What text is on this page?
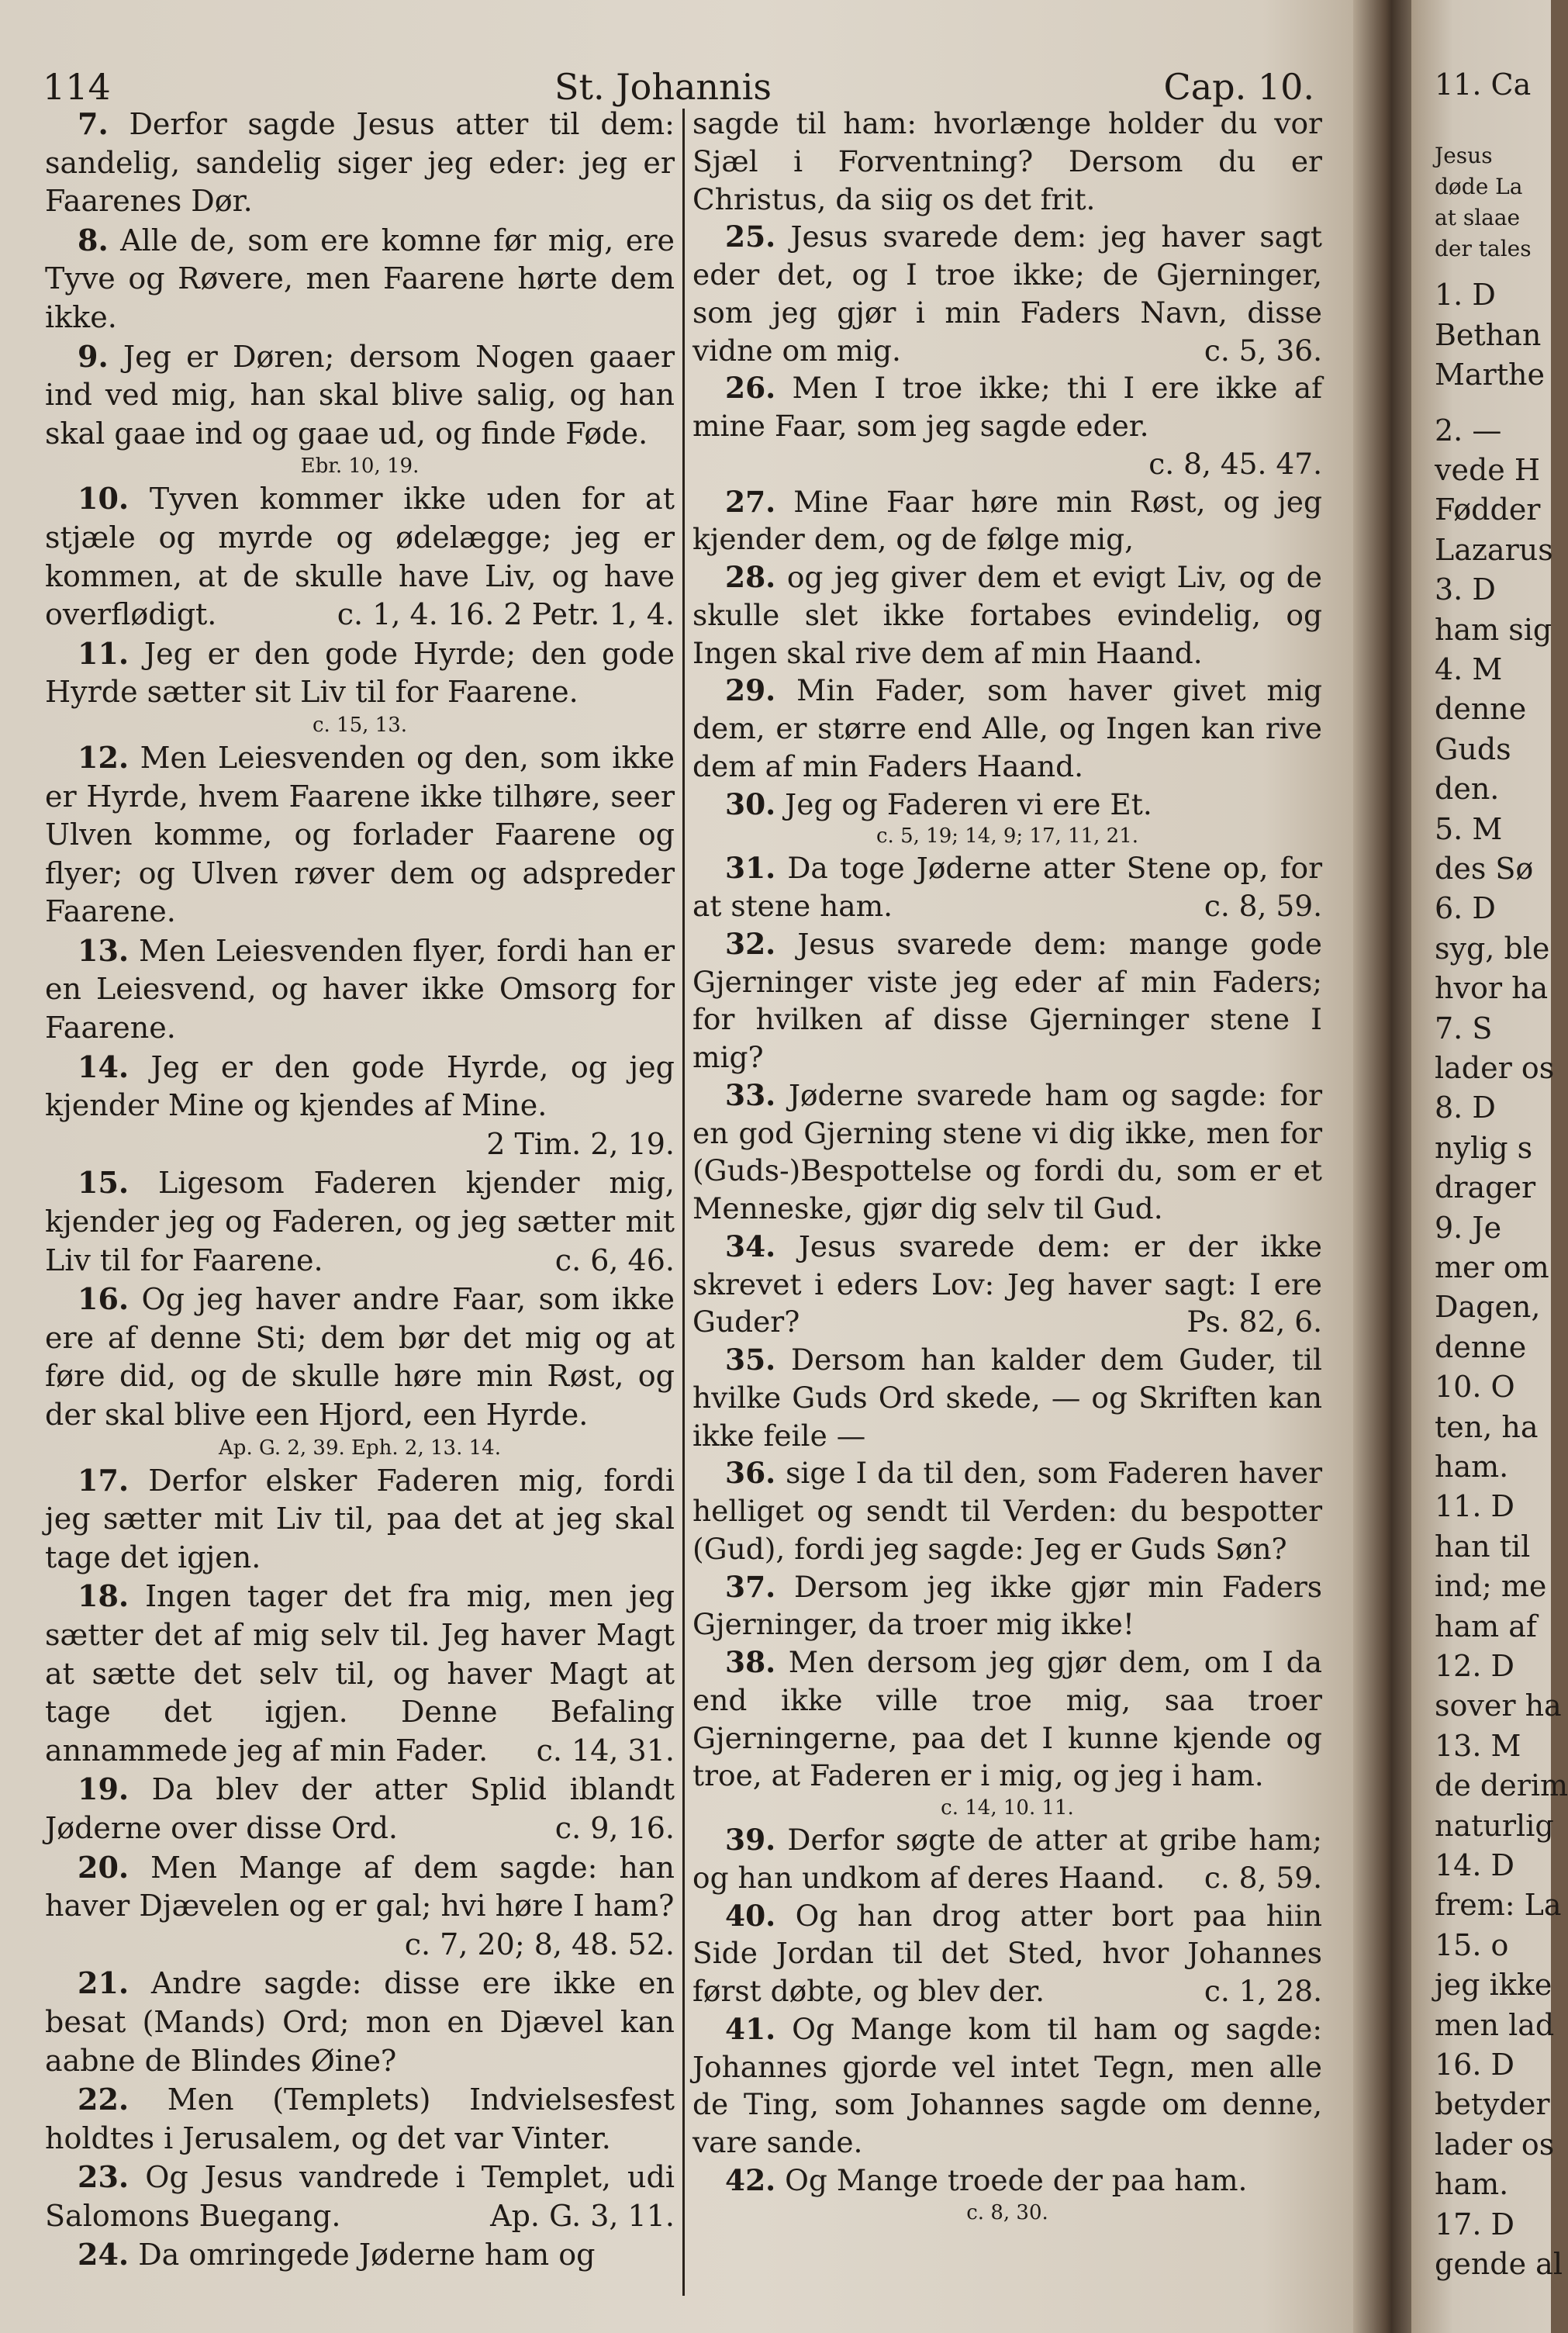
114	St. Johannis	Cap. 10.

7. Derfor sagde Jesus atter til dem: sandelig, sandelig siger jeg eder: jeg er Faarenes Dør.

8. Alle de, som ere komne før mig, ere Tyve og Røvere, men Faarene hørte dem ikke.

9. Jeg er Døren; dersom Nogen gaaer ind ved mig, han skal blive salig, og han skal gaae ind og gaae ud, og finde Føde.

Ebr. 10, 19.

10. Tyven kommer ikke uden for at stjæle og myrde og ødelægge; jeg er kommen, at de skulle have Liv, og have overflødigt.	c. 1, 4. 16. 2 Petr. 1, 4.

11. Jeg er den gode Hyrde; den gode Hyrde sætter sit Liv til for Faarene.

c. 15, 13.

12. Men Leiesvenden og den, som ikke er Hyrde, hvem Faarene ikke tilhøre, seer Ulven komme, og forlader Faarene og flyer; og Ulven røver dem og adspreder Faarene.

13. Men Leiesvenden flyer, fordi han er en Leiesvend, og haver ikke Omsorg for Faarene.

14. Jeg er den gode Hyrde, og jeg kjender Mine og kjendes af Mine.
2 Tim. 2, 19.

15. Ligesom Faderen kjender mig, kjender jeg og Faderen, og jeg sætter mit Liv til for Faarene.	c. 6, 46.

16. Og jeg haver andre Faar, som ikke ere af denne Sti; dem bør det mig og at føre did, og de skulle høre min Røst, og der skal blive een Hjord, een Hyrde.

Ap. G. 2, 39. Eph. 2, 13. 14.

17. Derfor elsker Faderen mig, fordi jeg sætter mit Liv til, paa det at jeg skal tage det igjen.

18. Ingen tager det fra mig, men jeg sætter det af mig selv til. Jeg haver Magt at sætte det selv til, og haver Magt at tage det igjen. Denne Befaling annammede jeg af min Fader.	c. 14, 31.

19. Da blev der atter Splid iblandt Jøderne over disse Ord.	c. 9, 16.

20. Men Mange af dem sagde: han haver Djævelen og er gal; hvi høre I ham?
c. 7, 20; 8, 48. 52.

21. Andre sagde: disse ere ikke en besat (Mands) Ord; mon en Djævel kan aabne de Blindes Øine?

22. Men (Templets) Indvielsesfest holdtes i Jerusalem, og det var Vinter.

23. Og Jesus vandrede i Templet, udi Salomons Buegang.	Ap. G. 3, 11.

24. Da omringede Jøderne ham og

sagde til ham: hvorlænge holder du vor Sjæl i Forventning? Dersom du er Christus, da siig os det frit.

25. Jesus svarede dem: jeg haver sagt eder det, og I troe ikke; de Gjerninger, som jeg gjør i min Faders Navn, disse vidne om mig.	c. 5, 36.

26. Men I troe ikke; thi I ere ikke af mine Faar, som jeg sagde eder.
c. 8, 45. 47.

27. Mine Faar høre min Røst, og jeg kjender dem, og de følge mig,

28. og jeg giver dem et evigt Liv, og de skulle slet ikke fortabes evindelig, og Ingen skal rive dem af min Haand.

29. Min Fader, som haver givet mig dem, er større end Alle, og Ingen kan rive dem af min Faders Haand.

30. Jeg og Faderen vi ere Et.

c. 5, 19; 14, 9; 17, 11, 21.

31. Da toge Jøderne atter Stene op, for at stene ham.	c. 8, 59.

32. Jesus svarede dem: mange gode Gjerninger viste jeg eder af min Faders; for hvilken af disse Gjerninger stene I mig?

33. Jøderne svarede ham og sagde: for en god Gjerning stene vi dig ikke, men for (Guds-)Bespottelse og fordi du, som er et Menneske, gjør dig selv til Gud.

34. Jesus svarede dem: er der ikke skrevet i eders Lov: Jeg haver sagt: I ere Guder?	Ps. 82, 6.

35. Dersom han kalder dem Guder, til hvilke Guds Ord skede, — og Skriften kan ikke feile —

36. sige I da til den, som Faderen haver helliget og sendt til Verden: du bespotter (Gud), fordi jeg sagde: Jeg er Guds Søn?

37. Dersom jeg ikke gjør min Faders Gjerninger, da troer mig ikke!

38. Men dersom jeg gjør dem, om I da end ikke ville troe mig, saa troer Gjerningerne, paa det I kunne kjende og troe, at Faderen er i mig, og jeg i ham.

c. 14, 10. 11.

39. Derfor søgte de atter at gribe ham; og han undkom af deres Haand.	c. 8, 59.

40. Og han drog atter bort paa hiin Side Jordan til det Sted, hvor Johannes først døbte, og blev der.	c. 1, 28.

41. Og Mange kom til ham og sagde: Johannes gjorde vel intet Tegn, men alle de Ting, som Johannes sagde om denne, vare sande.

42. Og Mange troede der paa ham.

c. 8, 30.

11. Ca
Jesus
døde La
at slaae
der tales
1. D
Bethan
Marthe
2. —
vede H
Fødder
Lazarus
3. D
ham sig
4. M
denne
Guds
den.
5. M
des Sø
6. D
syg, ble
hvor ha
7. S
lader os
8. D
nylig s
drager
9. Je
mer om
Dagen,
denne
10. O
ten, ha
ham.
11. D
han til
ind; me
ham af
12. D
sover ha
13. M
de derim
naturlig
14. D
frem: La
15. o
jeg ikke
men lad
16. D
betyder
lader os
ham.
17. D
gende al
